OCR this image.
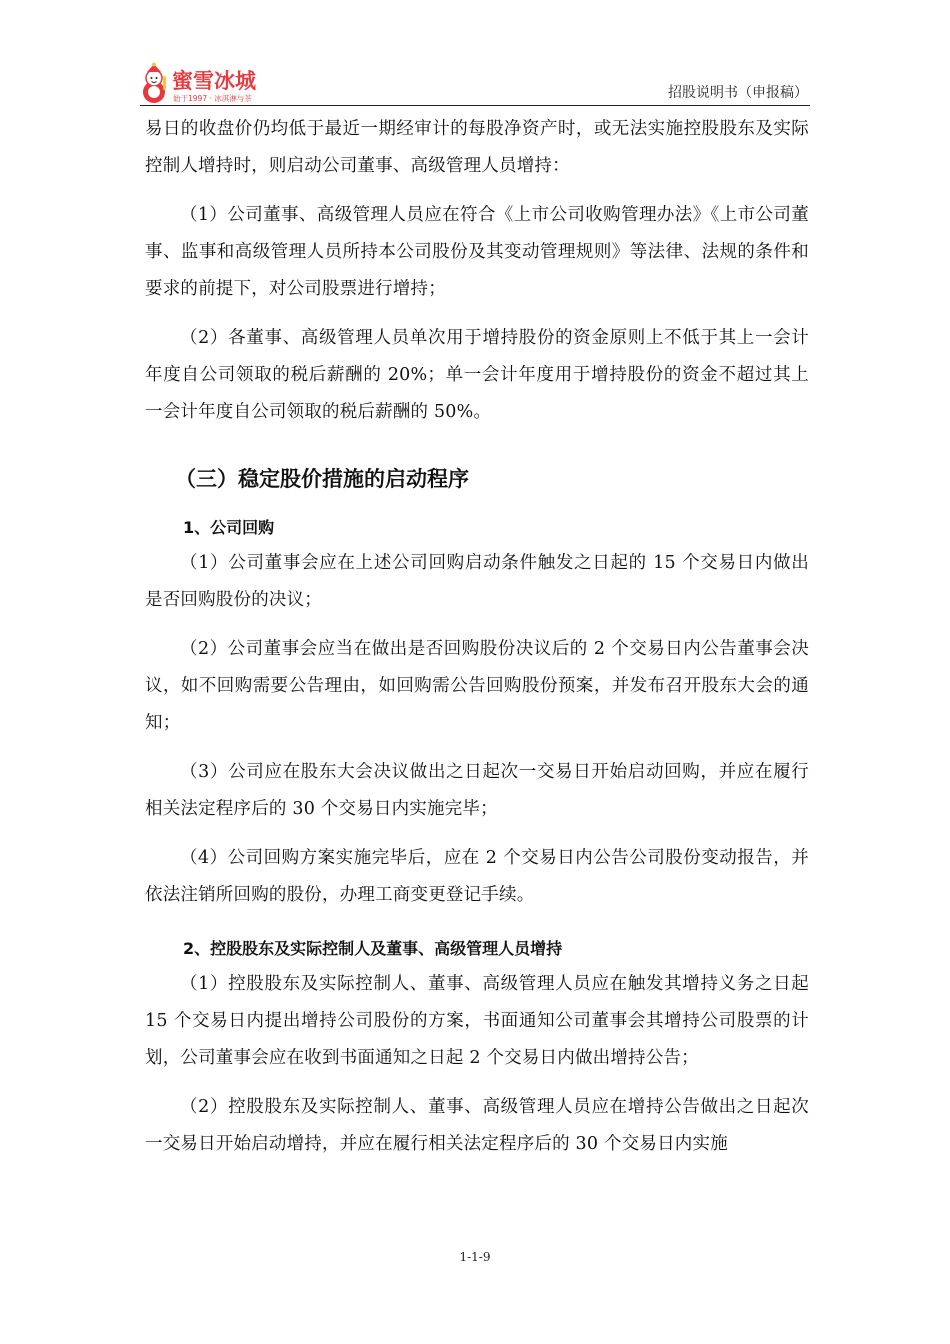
蜜雪冰城
始于1997 · 冰淇淋与茶	招股说明书（申报稿）

易日的收盘价仍均低于最近一期经审计的每股净资产时，或无法实施控股股东及实际控制人增持时，则启动公司董事、高级管理人员增持：

（1）公司董事、高级管理人员应在符合《上市公司收购管理办法》《上市公司董事、监事和高级管理人员所持本公司股份及其变动管理规则》等法律、法规的条件和要求的前提下，对公司股票进行增持；

（2）各董事、高级管理人员单次用于增持股份的资金原则上不低于其上一会计年度自公司领取的税后薪酬的 20%；单一会计年度用于增持股份的资金不超过其上一会计年度自公司领取的税后薪酬的 50%。

（三）稳定股价措施的启动程序
1、公司回购

（1）公司董事会应在上述公司回购启动条件触发之日起的 15 个交易日内做出是否回购股份的决议；

（2）公司董事会应当在做出是否回购股份决议后的 2 个交易日内公告董事会决议，如不回购需要公告理由，如回购需公告回购股份预案，并发布召开股东大会的通知；

（3）公司应在股东大会决议做出之日起次一交易日开始启动回购，并应在履行相关法定程序后的 30 个交易日内实施完毕；

（4）公司回购方案实施完毕后，应在 2 个交易日内公告公司股份变动报告，并依法注销所回购的股份，办理工商变更登记手续。

2、控股股东及实际控制人及董事、高级管理人员增持

（1）控股股东及实际控制人、董事、高级管理人员应在触发其增持义务之日起 15 个交易日内提出增持公司股份的方案，书面通知公司董事会其增持公司股票的计划，公司董事会应在收到书面通知之日起 2 个交易日内做出增持公告；

（2）控股股东及实际控制人、董事、高级管理人员应在增持公告做出之日起次一交易日开始启动增持，并应在履行相关法定程序后的 30 个交易日内实施

1-1-9
